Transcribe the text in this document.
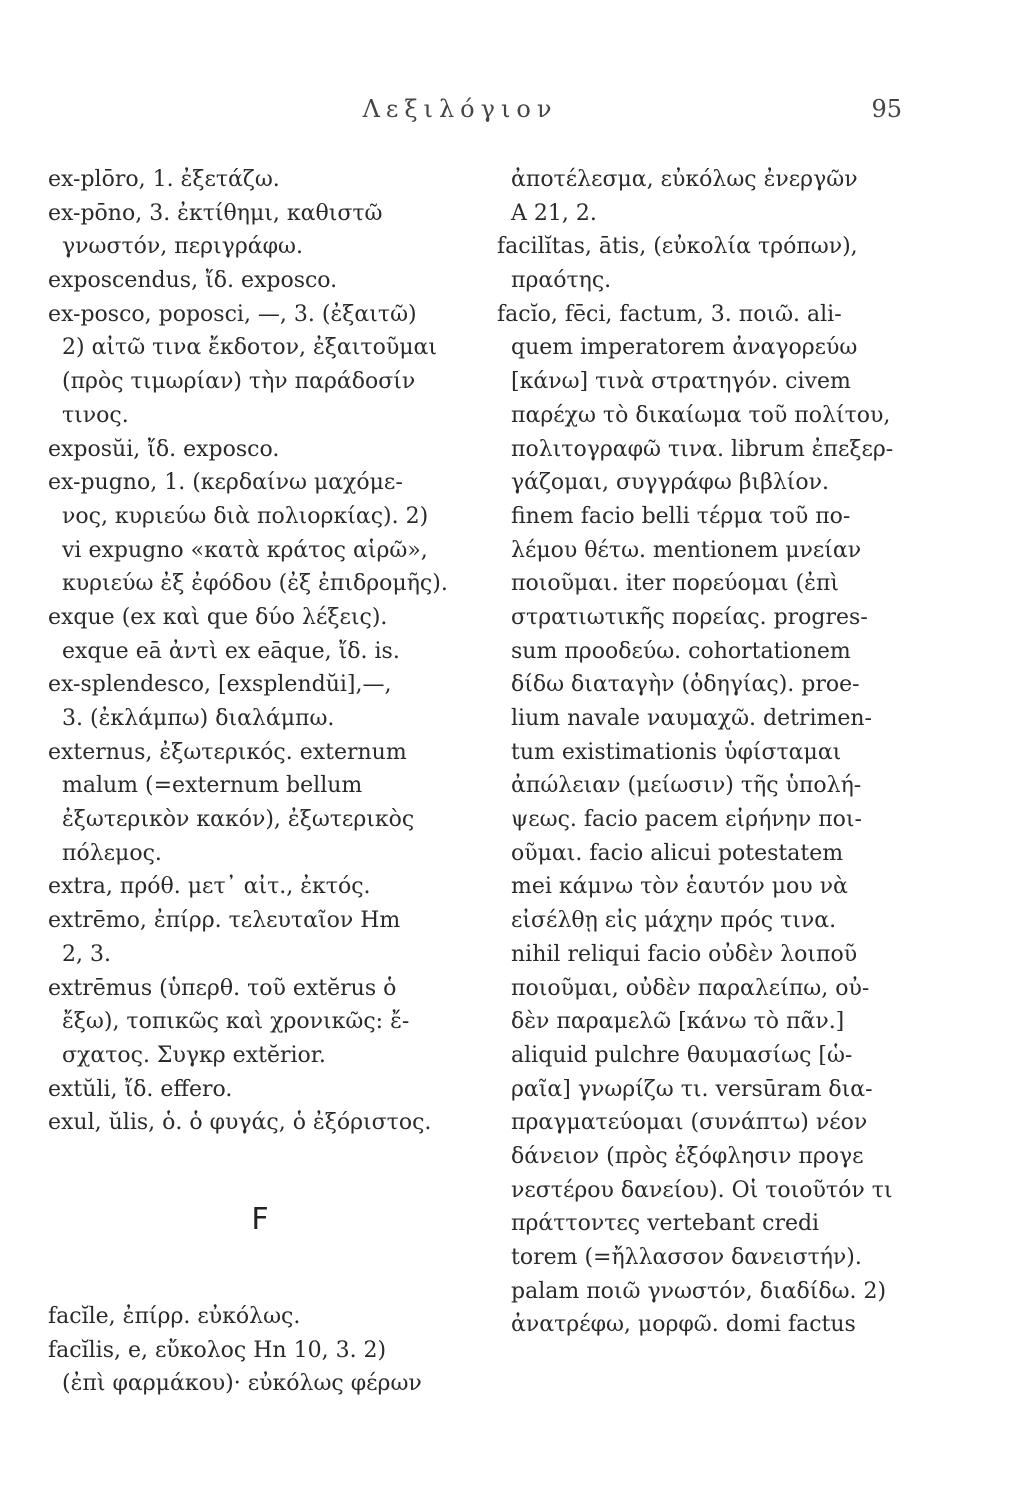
Λεξιλόγιον	95
ex-plōro, 1. ἐξετάζω.
ex-pōno, 3. ἐκτίθημι, καθιστῶ
γνωστόν, περιγράφω.
exposcendus, ἴδ. exposco.
ex-posco, poposci, —, 3. (ἐξαιτῶ)
2) αἰτῶ τινα ἔκδοτον, ἐξαιτοῦμαι
(πρὸς τιμωρίαν) τὴν παράδοσίν
τινος.
exposŭi, ἴδ. exposco.
ex-pugno, 1. (κερδαίνω μαχόμε-
νος, κυριεύω διὰ πολιορκίας). 2)
vi expugno «κατὰ κράτος αἱρῶ»,
κυριεύω ἐξ ἐφόδου (ἐξ ἐπιδρομῆς).
exque (ex καὶ que δύο λέξεις).
exque eā ἀντὶ ex eāque, ἴδ. is.
ex-splendesco, [exsplendŭi],—,
3. (ἐκλάμπω) διαλάμπω.
externus, ἐξωτερικός. externum
malum (=externum bellum
ἐξωτερικὸν κακόν), ἐξωτερικὸς
πόλεμος.
extra, πρόθ. μετ᾽ αἰτ., ἐκτός.
extrēmo, ἐπίρρ. τελευταῖον Hm
2, 3.
extrēmus (ὑπερθ. τοῦ extĕrus ὁ
ἔξω), τοπικῶς καὶ χρονικῶς: ἔ-
σχατος. Συγκρ extĕrior.
extŭli, ἴδ. effero.
exul, ŭlis, ὁ. ὁ φυγάς, ὁ ἐξόριστος.
F
facĭle, ἐπίρρ. εὐκόλως.
facĭlis, e, εὔκολος Hn 10, 3. 2)
(ἐπὶ φαρμάκου)· εὐκόλως φέρων
ἀποτέλεσμα, εὐκόλως ἐνεργῶν
A 21, 2.
facilĭtas, ātis, (εὐκολία τρόπων),
πραότης.
facĭo, fēci, factum, 3. ποιῶ. ali-
quem imperatorem ἀναγορεύω
[κάνω] τινὰ στρατηγόν. civem
παρέχω τὸ δικαίωμα τοῦ πολίτου,
πολιτογραφῶ τινα. librum ἐπεξερ-
γάζομαι, συγγράφω βιβλίον.
finem facio belli τέρμα τοῦ πο-
λέμου θέτω. mentionem μνείαν
ποιοῦμαι. iter πορεύομαι (ἐπὶ
στρατιωτικῆς πορείας. progres-
sum προοδεύω. cohortationem
δίδω διαταγὴν (ὁδηγίας). proe-
lium navale ναυμαχῶ. detrimen-
tum existimationis ὑφίσταμαι
ἀπώλειαν (μείωσιν) τῆς ὑπολή-
ψεως. facio pacem εἰρήνην ποι-
οῦμαι. facio alicui potestatem
mei κάμνω τὸν ἑαυτόν μου νὰ
εἰσέλθῃ εἰς μάχην πρός τινα.
nihil reliqui facio οὐδὲν λοιποῦ
ποιοῦμαι, οὐδὲν παραλείπω, οὐ-
δὲν παραμελῶ [κάνω τὸ πᾶν.]
aliquid pulchre θαυμασίως [ὡ-
ραῖα] γνωρίζω τι. versūram δια-
πραγματεύομαι (συνάπτω) νέον
δάνειον (πρὸς ἐξόφλησιν προγε
νεστέρου δανείου). Οἱ τοιοῦτόν τι
πράττοντες vertebant credi
torem (=ἤλλασσον δανειστήν).
palam ποιῶ γνωστόν, διαδίδω. 2)
ἀνατρέφω, μορφῶ. domi factus
